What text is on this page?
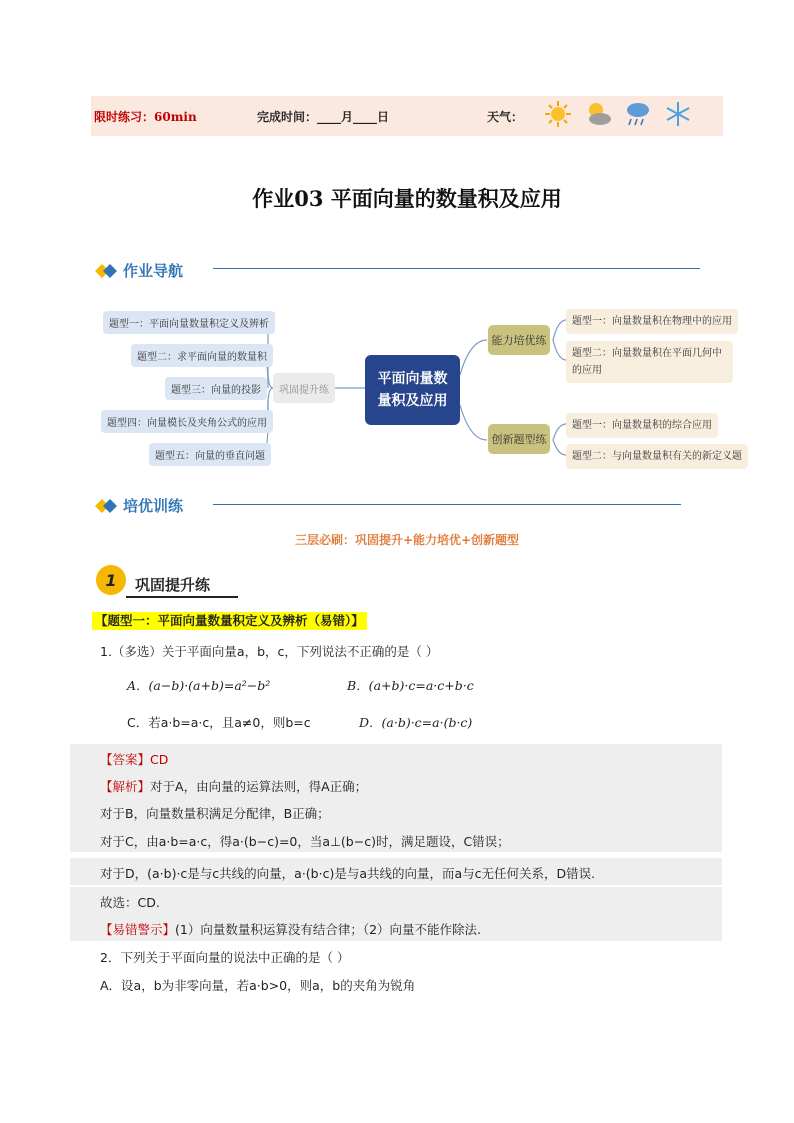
限时练习：60min	完成时间：____月____日	天气：
作业03 平面向量的数量积及应用
作业导航
题型一：平面向量数量积定义及辨析
题型二：求平面向量的数量积
题型三：向量的投影
题型四：向量模长及夹角公式的应用
题型五：向量的垂直问题
巩固提升练
平面向量数
量积及应用
能力培优练
创新题型练
题型一：向量数量积在物理中的应用
题型二：向量数量积在平面几何中的应用
题型一：向量数量积的综合应用
题型二：与向量数量积有关的新定义题
培优训练
三层必刷：巩固提升+能力培优+创新题型
1	巩固提升练
【题型一：平面向量数量积定义及辨析（易错）】
1.（多选）关于平面向量a，b，c，下列说法不正确的是（ ）
A．(a−b)·(a+b)=a²−b²	B．(a+b)·c=a·c+b·c
C．若a·b=a·c，且a≠0，则b=c	D．(a·b)·c=a·(b·c)
【答案】CD
【解析】对于A，由向量的运算法则，得A正确；
对于B，向量数量积满足分配律，B正确；
对于C，由a·b=a·c，得a·(b−c)=0，当a⊥(b−c)时，满足题设，C错误；
对于D，(a·b)·c是与c共线的向量，a·(b·c)是与a共线的向量，而a与c无任何关系，D错误.
故选：CD.
【易错警示】(1）向量数量积运算没有结合律；（2）向量不能作除法.
2．下列关于平面向量的说法中正确的是（ ）
A．设a，b为非零向量，若a·b>0，则a，b的夹角为锐角
